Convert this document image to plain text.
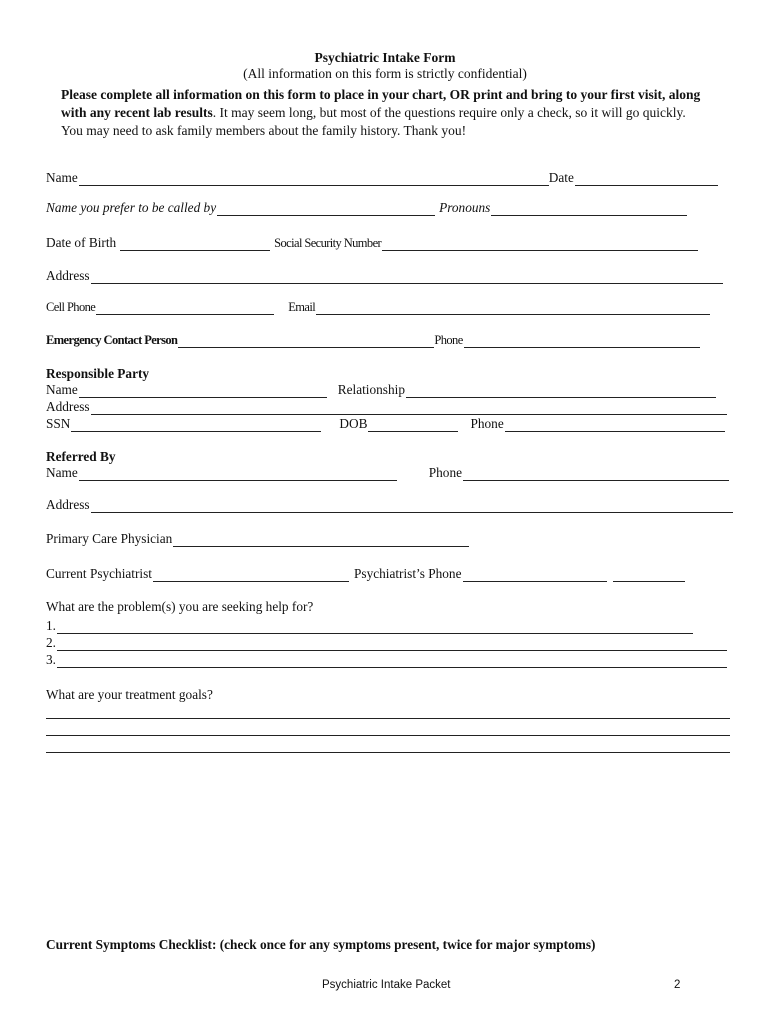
Psychiatric Intake Form
(All information on this form is strictly confidential)
Please complete all information on this form to place in your chart, OR print and bring to your first visit, along with any recent lab results. It may seem long, but most of the questions require only a check, so it will go quickly. You may need to ask family members about the family history. Thank you!
Name	Date
Name you prefer to be called by	Pronouns
Date of Birth	Social Security Number
Address
Cell Phone	Email
Emergency Contact Person	Phone
Responsible Party
Name	Relationship
Address
SSN	DOB	Phone
Referred By
Name	Phone
Address
Primary Care Physician
Current Psychiatrist	Psychiatrist’s Phone
What are the problem(s) you are seeking help for?
1.
2.
3.
What are your treatment goals?
Current Symptoms Checklist: (check once for any symptoms present, twice for major symptoms)
Psychiatric Intake Packet	2
